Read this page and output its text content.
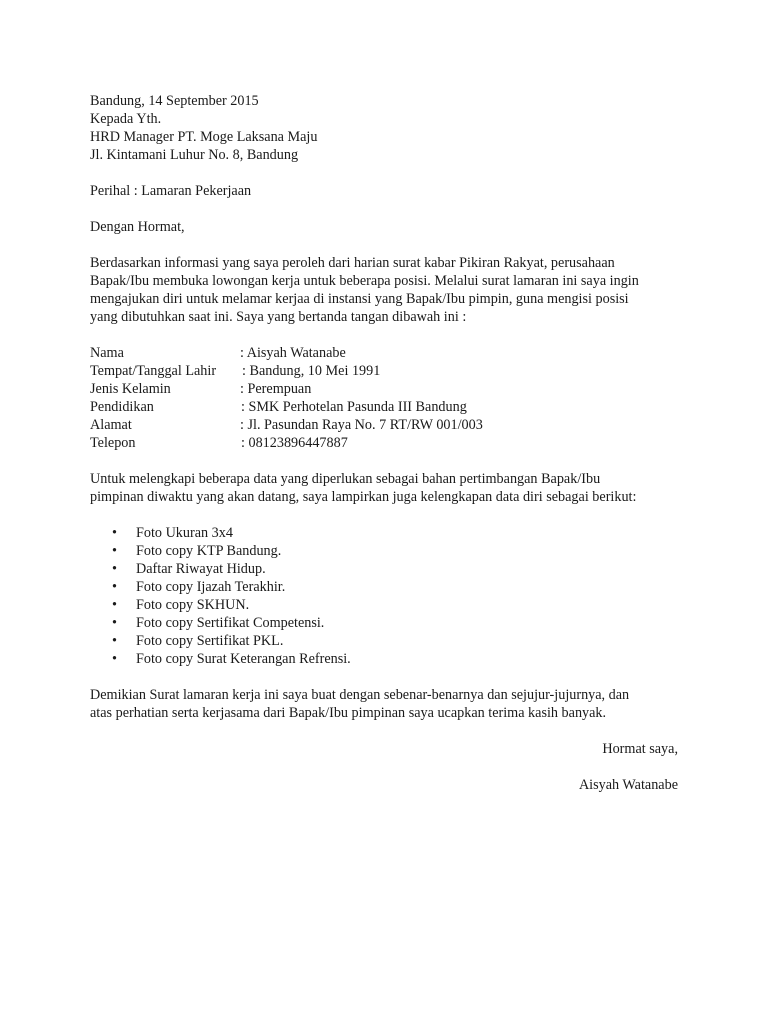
Bandung, 14 September 2015
Kepada Yth.
HRD Manager PT. Moge Laksana Maju
Jl. Kintamani Luhur No. 8, Bandung
Perihal : Lamaran Pekerjaan
Dengan Hormat,
Berdasarkan informasi yang saya peroleh dari harian surat kabar Pikiran Rakyat, perusahaan
Bapak/Ibu membuka lowongan kerja untuk beberapa posisi. Melalui surat lamaran ini saya ingin
mengajukan diri untuk melamar kerjaa di instansi yang Bapak/Ibu pimpin, guna mengisi posisi
yang dibutuhkan saat ini. Saya yang bertanda tangan dibawah ini :
Nama	: Aisyah Watanabe
Tempat/Tanggal Lahir	: Bandung, 10 Mei 1991
Jenis Kelamin	: Perempuan
Pendidikan	: SMK Perhotelan Pasunda III Bandung
Alamat	: Jl. Pasundan Raya No. 7 RT/RW 001/003
Telepon	: 08123896447887
Untuk melengkapi beberapa data yang diperlukan sebagai bahan pertimbangan Bapak/Ibu
pimpinan diwaktu yang akan datang, saya lampirkan juga kelengkapan data diri sebagai berikut:
• Foto Ukuran 3x4
• Foto copy KTP Bandung.
• Daftar Riwayat Hidup.
• Foto copy Ijazah Terakhir.
• Foto copy SKHUN.
• Foto copy Sertifikat Competensi.
• Foto copy Sertifikat PKL.
• Foto copy Surat Keterangan Refrensi.
Demikian Surat lamaran kerja ini saya buat dengan sebenar-benarnya dan sejujur-jujurnya, dan
atas perhatian serta kerjasama dari Bapak/Ibu pimpinan saya ucapkan terima kasih banyak.
Hormat saya,
Aisyah Watanabe
